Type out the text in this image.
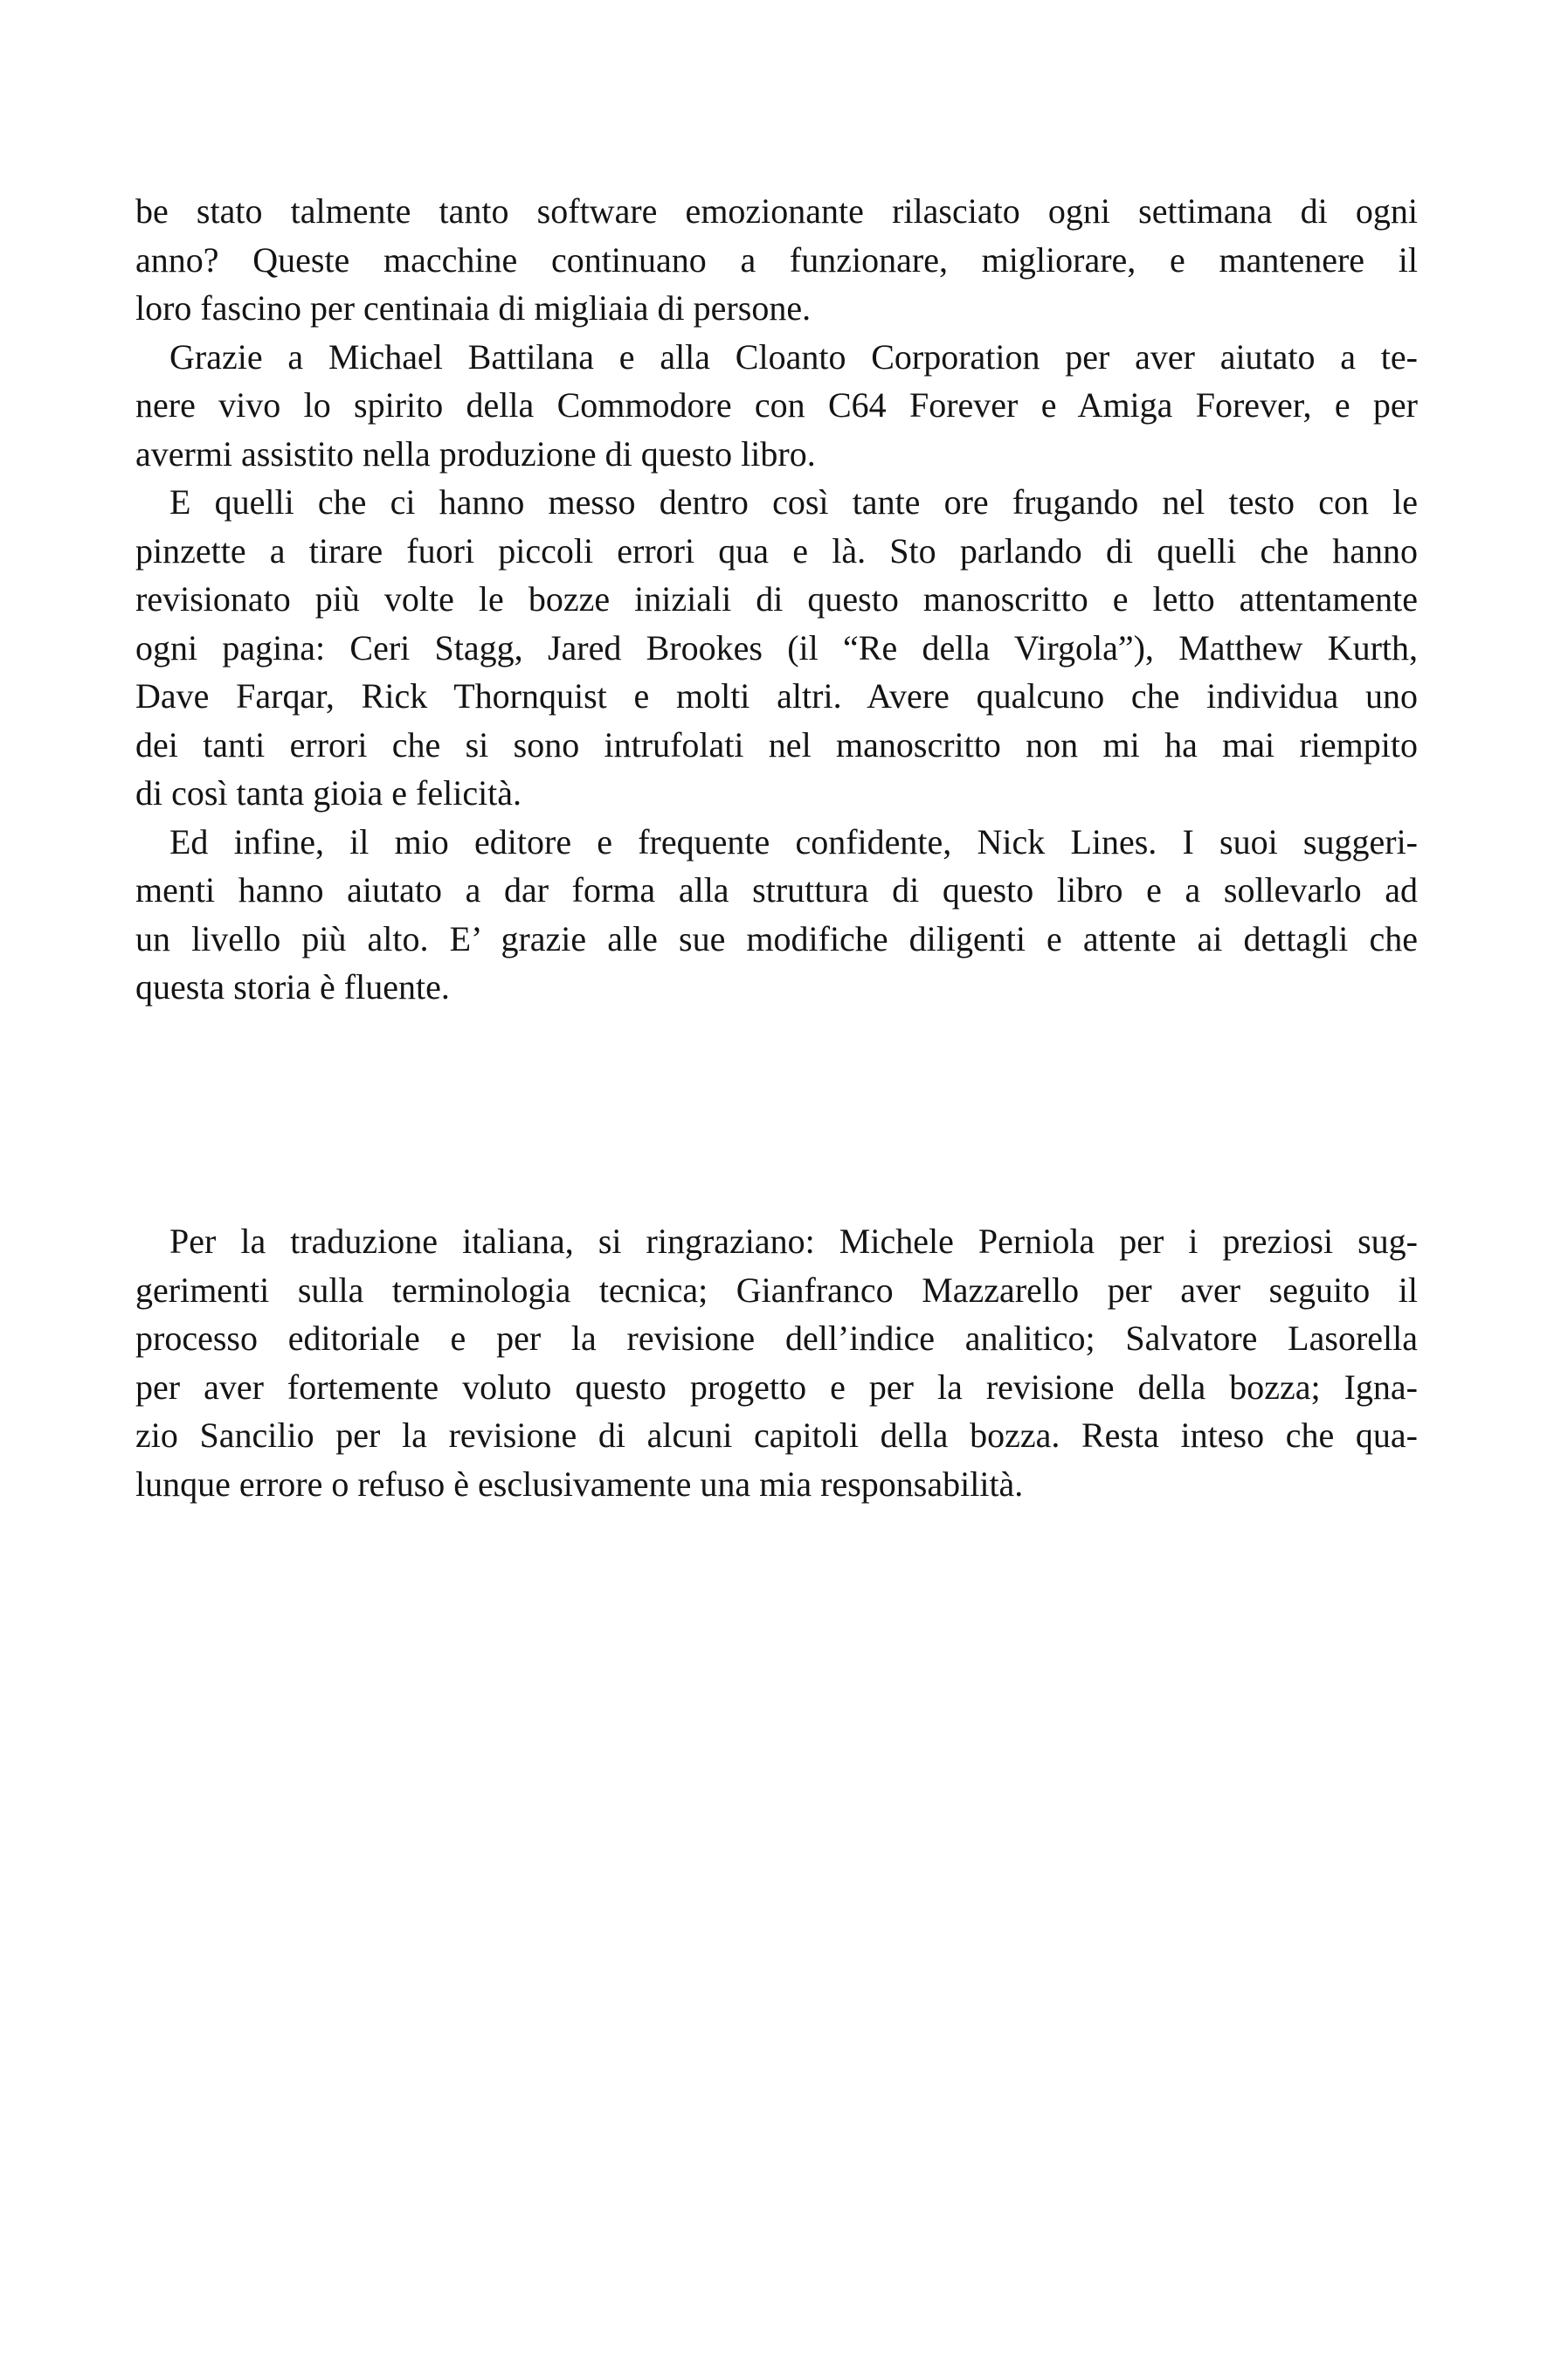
be stato talmente tanto software emozionante rilasciato ogni settimana di ogni
anno? Queste macchine continuano a funzionare, migliorare, e mantenere il
loro fascino per centinaia di migliaia di persone.
Grazie a Michael Battilana e alla Cloanto Corporation per aver aiutato a te-
nere vivo lo spirito della Commodore con C64 Forever e Amiga Forever, e per
avermi assistito nella produzione di questo libro.
E quelli che ci hanno messo dentro così tante ore frugando nel testo con le
pinzette a tirare fuori piccoli errori qua e là. Sto parlando di quelli che hanno
revisionato più volte le bozze iniziali di questo manoscritto e letto attentamente
ogni pagina: Ceri Stagg, Jared Brookes (il “Re della Virgola”), Matthew Kurth,
Dave Farqar, Rick Thornquist e molti altri. Avere qualcuno che individua uno
dei tanti errori che si sono intrufolati nel manoscritto non mi ha mai riempito
di così tanta gioia e felicità.
Ed infine, il mio editore e frequente confidente, Nick Lines. I suoi suggeri-
menti hanno aiutato a dar forma alla struttura di questo libro e a sollevarlo ad
un livello più alto. E’ grazie alle sue modifiche diligenti e attente ai dettagli che
questa storia è fluente.
Per la traduzione italiana, si ringraziano: Michele Perniola per i preziosi sug-
gerimenti sulla terminologia tecnica; Gianfranco Mazzarello per aver seguito il
processo editoriale e per la revisione dell’indice analitico; Salvatore Lasorella
per aver fortemente voluto questo progetto e per la revisione della bozza; Igna-
zio Sancilio per la revisione di alcuni capitoli della bozza. Resta inteso che qua-
lunque errore o refuso è esclusivamente una mia responsabilità.
